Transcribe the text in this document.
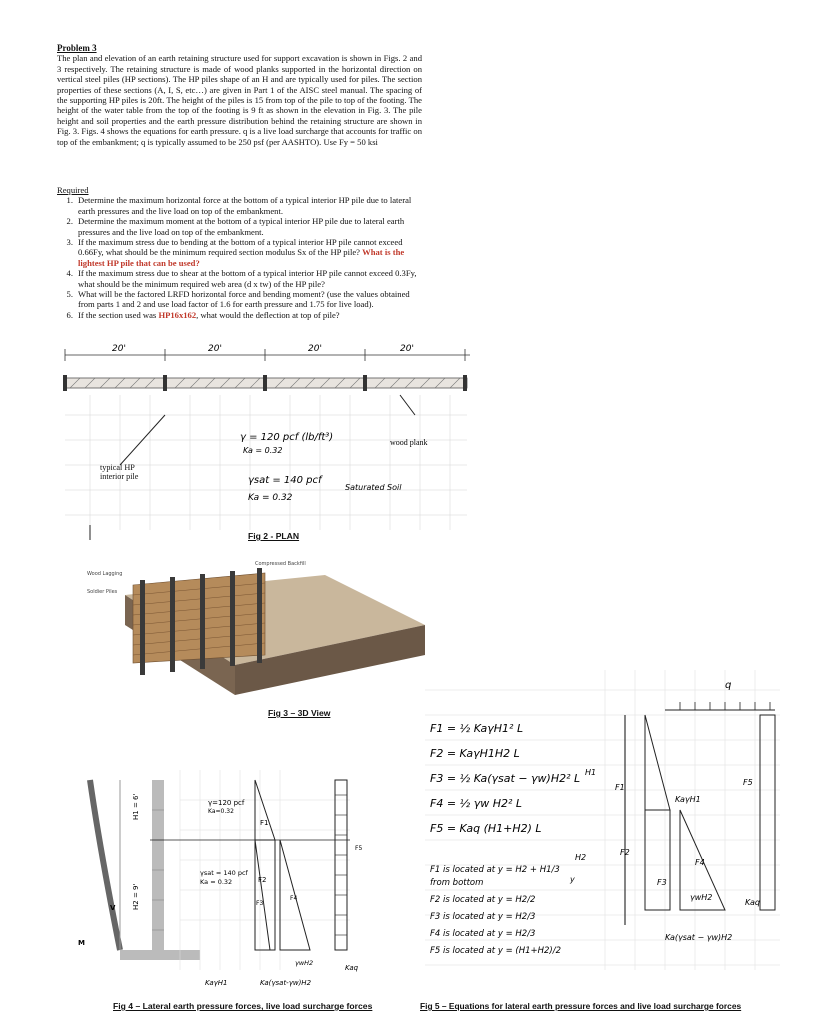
Problem 3
The plan and elevation of an earth retaining structure used for support excavation is shown in Figs. 2 and 3 respectively. The retaining structure is made of wood planks supported in the horizontal direction on vertical steel piles (HP sections). The HP piles shape of an H and are typically used for piles. The section properties of these sections (A, I, S, etc…) are given in Part 1 of the AISC steel manual. The spacing of the supporting HP piles is 20ft. The height of the piles is 15 from top of the pile to top of the footing. The height of the water table from the top of the footing is 9 ft as shown in the elevation in Fig. 3. The pile height and soil properties and the earth pressure distribution behind the retaining structure are shown in Fig. 3. Figs. 4 shows the equations for earth pressure. q is a live load surcharge that accounts for traffic on top of the embankment; q is typically assumed to be 250 psf (per AASHTO). Use Fy = 50 ksi
Required
1. Determine the maximum horizontal force at the bottom of a typical interior HP pile due to lateral earth pressures and the live load on top of the embankment.
2. Determine the maximum moment at the bottom of a typical interior HP pile due to lateral earth pressures and the live load on top of the embankment.
3. If the maximum stress due to bending at the bottom of a typical interior HP pile cannot exceed 0.66Fy, what should be the minimum required section modulus Sx of the HP pile? What is the lightest HP pile that can be used?
4. If the maximum stress due to shear at the bottom of a typical interior HP pile cannot exceed 0.3Fy, what should be the minimum required web area (d x tw) of the HP pile?
5. What will be the factored LRFD horizontal force and bending moment? (use the values obtained from parts 1 and 2 and use load factor of 1.6 for earth pressure and 1.75 for live load).
6. If the section used was HP16x162, what would the deflection at top of pile?
20'	20'	20'	20'
γ = 120 pcf (lb/ft³)
Ka = 0.32
γsat = 140 pcf
Ka = 0.32
Saturated Soil
wood plank
typical HP interior pile
Fig 2 - PLAN
Compressed Backfill
Wood Lagging
Soldier Piles
Fig 3 – 3D View
γ=120 pcf
Ka=0.32
γsat = 140 pcf
Ka = 0.32
H1 = 6'
H2 = 9'
V
M
F1
F2
F3
F4
F5
KaγH1	Ka(γsat-γw)H2
γwH2
Kaq
Fig 4 – Lateral earth pressure forces, live load surcharge forces
q
H1
H2
y
F1
F2
F3
F4
F5
KaγH1
γwH2
Kaq
Ka(γsat − γw)H2
F1 = ½ KaγH1² L
F2 = KaγH1H2 L
F3 = ½ Ka(γsat − γw)H2² L
F4 = ½ γw H2² L
F5 = Kaq (H1+H2) L
F1 is located at y = H2 + H1/3
from bottom
F2 is located at y = H2/2
F3 is located at y = H2/3
F4 is located at y = H2/3
F5 is located at y = (H1+H2)/2
Fig 5 – Equations for lateral earth pressure forces and live load surcharge forces
